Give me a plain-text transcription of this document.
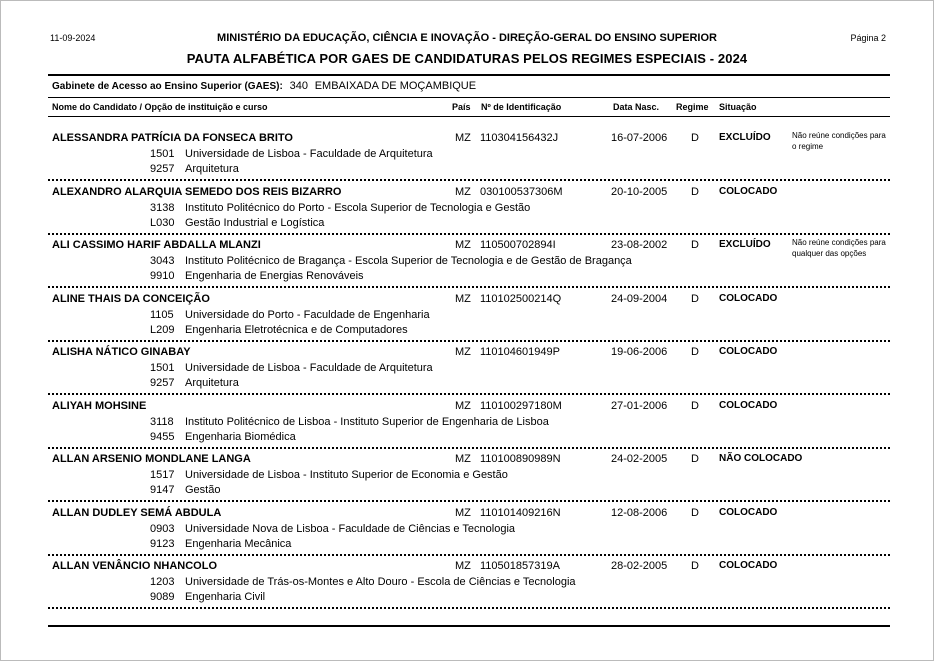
11-09-2024	Página 2
MINISTÉRIO DA EDUCAÇÃO, CIÊNCIA E INOVAÇÃO - DIREÇÃO-GERAL DO ENSINO SUPERIOR
PAUTA ALFABÉTICA POR GAES DE CANDIDATURAS PELOS REGIMES ESPECIAIS - 2024
Gabinete de Acesso ao Ensino Superior (GAES): 340 EMBAIXADA DE MOÇAMBIQUE
Nome do Candidato / Opção de instituição e curso	País Nº de Identificação	Data Nasc. Regime Situação
ALESSANDRA PATRÍCIA DA FONSECA BRITO	MZ 110304156432J	16-07-2006 D EXCLUÍDO	Não reúne condições para o regime
1501 Universidade de Lisboa - Faculdade de Arquitetura
9257 Arquitetura
ALEXANDRO ALARQUIA SEMEDO DOS REIS BIZARRO	MZ 030100537306M	20-10-2005 D COLOCADO
3138 Instituto Politécnico do Porto - Escola Superior de Tecnologia e Gestão
L030 Gestão Industrial e Logística
ALI CASSIMO HARIF ABDALLA MLANZI	MZ 110500702894I	23-08-2002 D EXCLUÍDO	Não reúne condições para qualquer das opções
3043 Instituto Politécnico de Bragança - Escola Superior de Tecnologia e de Gestão de Bragança
9910 Engenharia de Energias Renováveis
ALINE THAIS DA CONCEIÇÃO	MZ 110102500214Q	24-09-2004 D COLOCADO
1105	Universidade do Porto - Faculdade de Engenharia
L209 Engenharia Eletrotécnica e de Computadores
ALISHA NÁTICO GINABAY	MZ 110104601949P	19-06-2006 D COLOCADO
1501 Universidade de Lisboa - Faculdade de Arquitetura
9257 Arquitetura
ALIYAH MOHSINE	MZ 110100297180M	27-01-2006 D COLOCADO
3118	Instituto Politécnico de Lisboa - Instituto Superior de Engenharia de Lisboa
9455 Engenharia Biomédica
ALLAN ARSENIO MONDLANE LANGA	MZ 110100890989N	24-02-2005 D NÃO COLOCADO
1517 Universidade de Lisboa - Instituto Superior de Economia e Gestão
9147 Gestão
ALLAN DUDLEY SEMÁ ABDULA	MZ 110101409216N	12-08-2006 D COLOCADO
0903 Universidade Nova de Lisboa - Faculdade de Ciências e Tecnologia
9123 Engenharia Mecânica
ALLAN VENÂNCIO NHANCOLO	MZ 110501857319A	28-02-2005 D COLOCADO
1203 Universidade de Trás-os-Montes e Alto Douro - Escola de Ciências e Tecnologia
9089 Engenharia Civil
